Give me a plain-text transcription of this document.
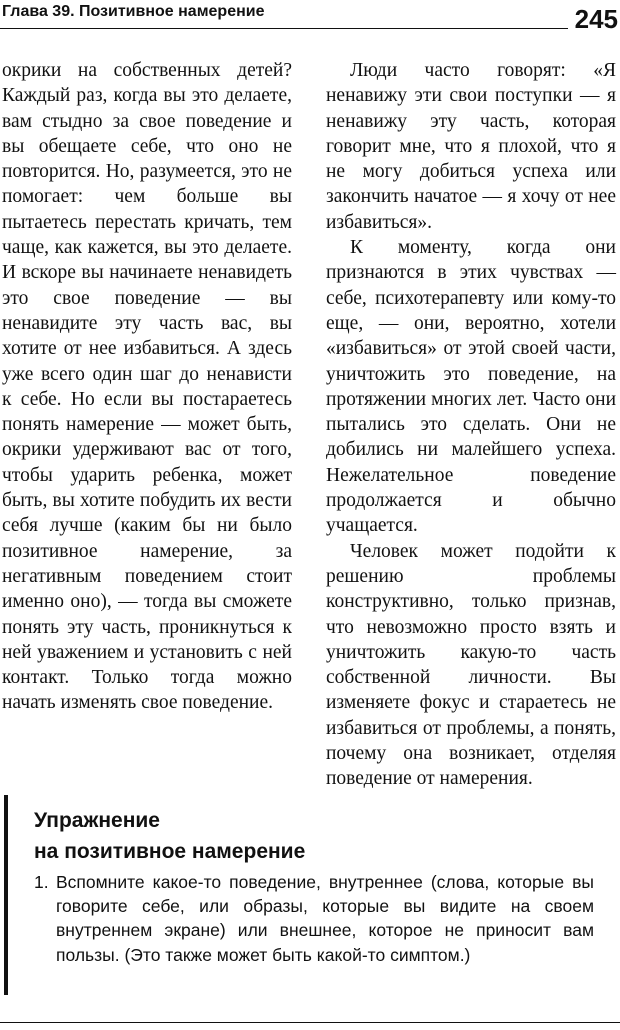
Глава 39. Позитивное намерение	245

окрики на собственных детей? Каждый раз, когда вы это делаете, вам стыдно за свое поведение и вы обещаете себе, что оно не повторится. Но, разумеется, это не помогает: чем больше вы пытаетесь перестать кричать, тем чаще, как кажется, вы это делаете. И вскоре вы начинаете ненавидеть это свое поведение — вы ненавидите эту часть вас, вы хотите от нее избавиться. А здесь уже всего один шаг до ненависти к себе. Но если вы постараетесь понять намерение — может быть, окрики удерживают вас от того, чтобы ударить ребенка, может быть, вы хотите побудить их вести себя лучше (каким бы ни было позитивное намерение, за негативным поведением стоит именно оно), — тогда вы сможете понять эту часть, проникнуться к ней уважением и установить с ней контакт. Только тогда можно начать изменять свое поведение.

Люди часто говорят: «Я ненавижу эти свои поступки — я ненавижу эту часть, которая говорит мне, что я плохой, что я не могу добиться успеха или закончить начатое — я хочу от нее избавиться».

К моменту, когда они признаются в этих чувствах — себе, психотерапевту или кому-то еще, — они, вероятно, хотели «избавиться» от этой своей части, уничтожить это поведение, на протяжении многих лет. Часто они пытались это сделать. Они не добились ни малейшего успеха. Нежелательное поведение продолжается и обычно учащается.

Человек может подойти к решению проблемы конструктивно, только признав, что невозможно просто взять и уничтожить какую-то часть собственной личности. Вы изменяете фокус и стараетесь не избавиться от проблемы, а понять, почему она возникает, отделяя поведение от намерения.

Упражнение
на позитивное намерение
1. Вспомните какое-то поведение, внутреннее (слова, которые вы говорите себе, или образы, которые вы видите на своем внутреннем экране) или внешнее, которое не приносит вам пользы. (Это также может быть какой-то симптом.)
